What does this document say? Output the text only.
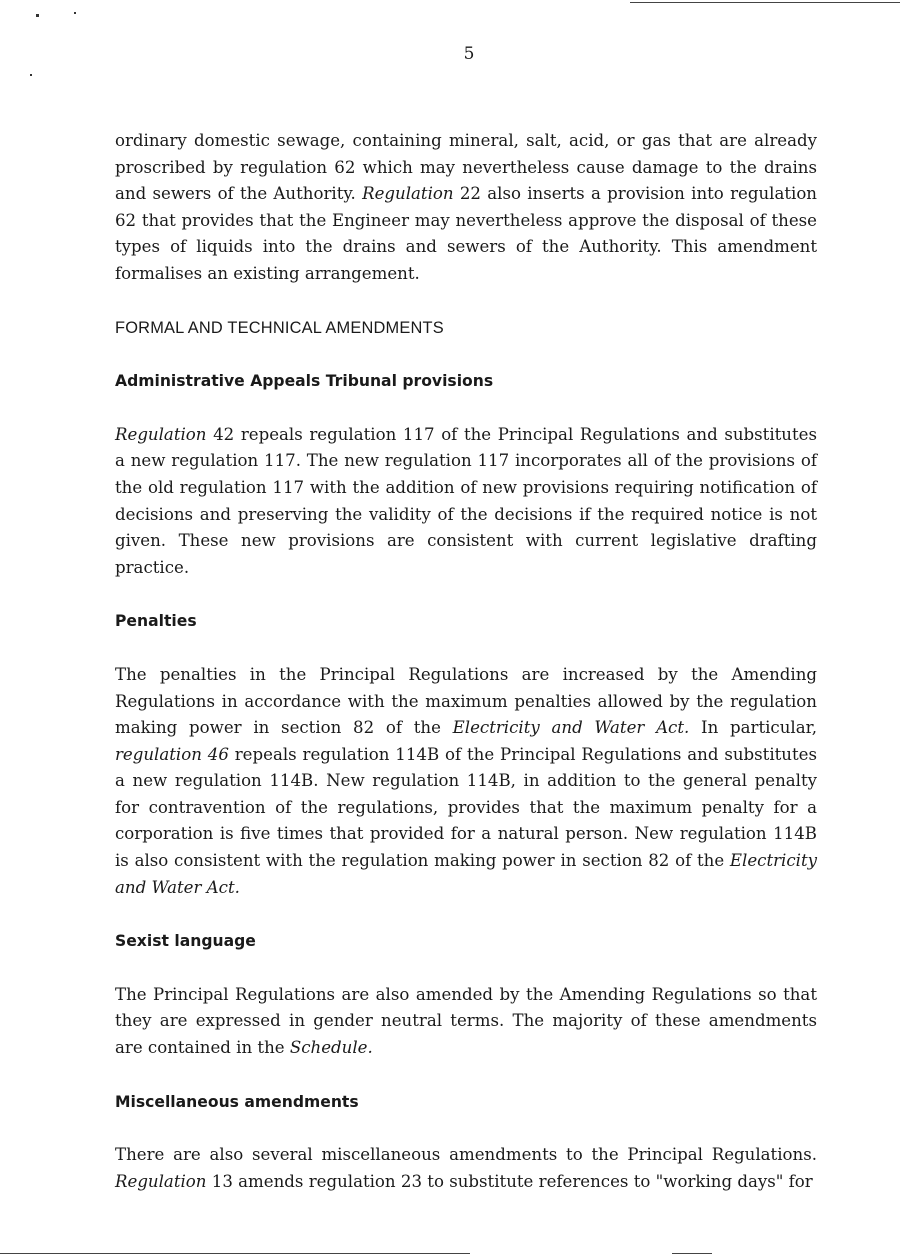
5

ordinary domestic sewage, containing mineral, salt, acid, or gas that are already proscribed by regulation 62 which may nevertheless cause damage to the drains and sewers of the Authority. Regulation 22 also inserts a provision into regulation 62 that provides that the Engineer may nevertheless approve the disposal of these types of liquids into the drains and sewers of the Authority. This amendment formalises an existing arrangement.

FORMAL AND TECHNICAL AMENDMENTS
Administrative Appeals Tribunal provisions

Regulation 42 repeals regulation 117 of the Principal Regulations and substitutes a new regulation 117. The new regulation 117 incorporates all of the provisions of the old regulation 117 with the addition of new provisions requiring notification of decisions and preserving the validity of the decisions if the required notice is not given. These new provisions are consistent with current legislative drafting practice.

Penalties

The penalties in the Principal Regulations are increased by the Amending Regulations in accordance with the maximum penalties allowed by the regulation making power in section 82 of the Electricity and Water Act. In particular, regulation 46 repeals regulation 114B of the Principal Regulations and substitutes a new regulation 114B. New regulation 114B, in addition to the general penalty for contravention of the regulations, provides that the maximum penalty for a corporation is five times that provided for a natural person. New regulation 114B is also consistent with the regulation making power in section 82 of the Electricity and Water Act.

Sexist language

The Principal Regulations are also amended by the Amending Regulations so that they are expressed in gender neutral terms. The majority of these amendments are contained in the Schedule.

Miscellaneous amendments

There are also several miscellaneous amendments to the Principal Regulations. Regulation 13 amends regulation 23 to substitute references to "working days" for
